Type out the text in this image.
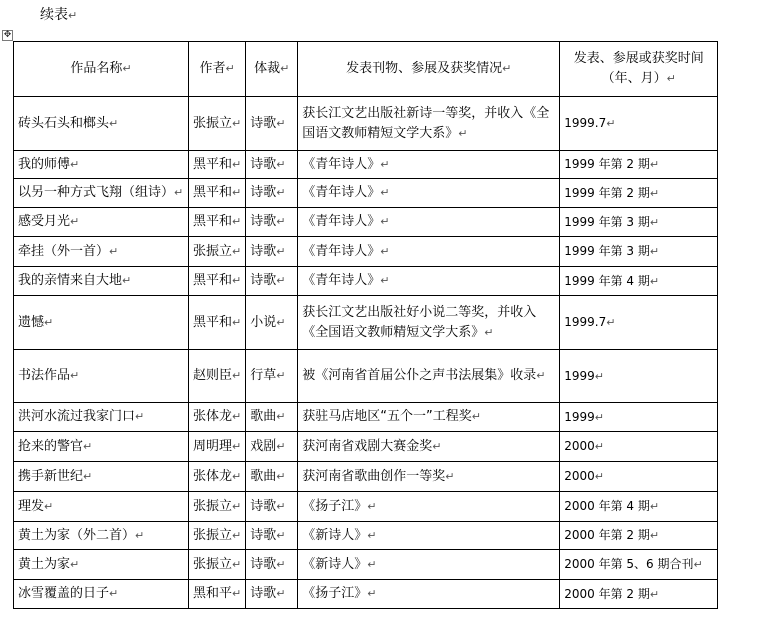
续表↵
✥
作品名称↵	作者↵	体裁↵	发表刊物、参展及获奖情况↵	发表、参展或获奖时间
（年、月）↵
砖头石头和榔头↵	张振立↵	诗歌↵	获长江文艺出版社新诗一等奖，并收入《全国语文教师精短文学大系》↵	1999.7↵
我的师傅↵	黑平和↵	诗歌↵	《青年诗人》↵	1999 年第 2 期↵
以另一种方式飞翔（组诗）↵	黑平和↵	诗歌↵	《青年诗人》↵	1999 年第 2 期↵
感受月光↵	黑平和↵	诗歌↵	《青年诗人》↵	1999 年第 3 期↵
牵挂（外一首）↵	张振立↵	诗歌↵	《青年诗人》↵	1999 年第 3 期↵
我的亲情来自大地↵	黑平和↵	诗歌↵	《青年诗人》↵	1999 年第 4 期↵
遗憾↵	黑平和↵	小说↵	获长江文艺出版社好小说二等奖，并收入《全国语文教师精短文学大系》↵	1999.7↵
书法作品↵	赵则臣↵	行草↵	被《河南省首届公仆之声书法展集》收录↵	1999↵
洪河水流过我家门口↵	张体龙↵	歌曲↵	获驻马店地区“五个一”工程奖↵	1999↵
抢来的警官↵	周明理↵	戏剧↵	获河南省戏剧大赛金奖↵	2000↵
携手新世纪↵	张体龙↵	歌曲↵	获河南省歌曲创作一等奖↵	2000↵
理发↵	张振立↵	诗歌↵	《扬子江》↵	2000 年第 4 期↵
黄土为家（外二首）↵	张振立↵	诗歌↵	《新诗人》↵	2000 年第 2 期↵
黄土为家↵	张振立↵	诗歌↵	《新诗人》↵	2000 年第 5、6 期合刊↵
冰雪覆盖的日子↵	黑和平↵	诗歌↵	《扬子江》↵	2000 年第 2 期↵
